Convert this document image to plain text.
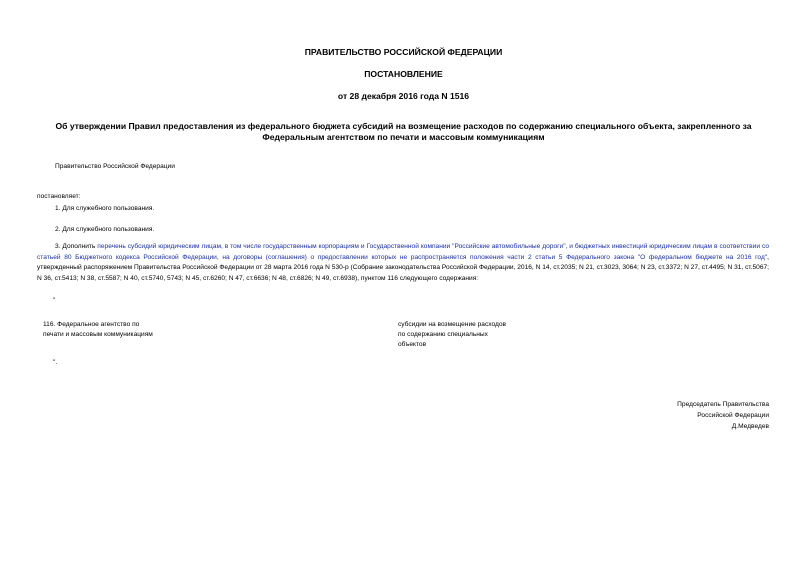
ПРАВИТЕЛЬСТВО РОССИЙСКОЙ ФЕДЕРАЦИИ
ПОСТАНОВЛЕНИЕ
от 28 декабря 2016 года N 1516
Об утверждении Правил предоставления из федерального бюджета субсидий на возмещение расходов по содержанию специального объекта, закрепленного за
Федеральным агентством по печати и массовым коммуникациям
Правительство Российской Федерации
постановляет:
1. Для служебного пользования.
2. Для служебного пользования.
3. Дополнить перечень субсидий юридическим лицам, в том числе государственным корпорациям и Государственной компании "Российские автомобильные дороги", и бюджетных инвестиций юридическим лицам в соответствии со статьей 80 Бюджетного кодекса Российской Федерации, на договоры (соглашения) о предоставлении которых не распространяется положения части 2 статьи 5 Федерального закона "О федеральном бюджете на 2016 год", утвержденный распоряжением Правительства Российской Федерации от 28 марта 2016 года N 530-р (Собрание законодательства Российской Федерации, 2016, N 14, ст.2035; N 21, ст.3023, 3064; N 23, ст.3372; N 27, ст.4495; N 31, ст.5067; N 36, ст.5413; N 38, ст.5587; N 40, ст.5740, 5743; N 45, ст.6260; N 47, ст.6636; N 48, ст.6826; N 49, ст.6938), пунктом 116 следующего содержания:
"
116. Федеральное агентство по
печати и массовым коммуникациям
субсидии на возмещение расходов
по содержанию специальных
объектов
".
Председатель Правительства
Российской Федерации
Д.Медведев
